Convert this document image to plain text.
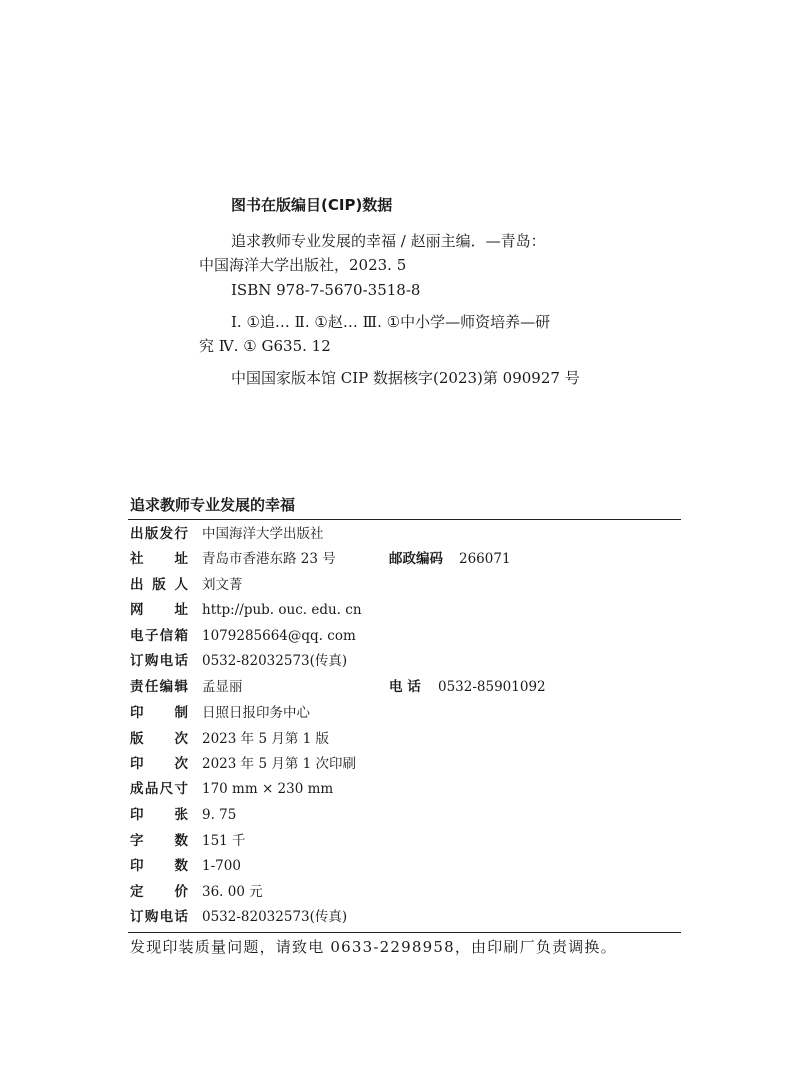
图书在版编目(CIP)数据
追求教师专业发展的幸福 / 赵丽主编．—青岛：
中国海洋大学出版社，2023. 5
ISBN 978-7-5670-3518-8
Ⅰ. ①追… Ⅱ. ①赵… Ⅲ. ①中小学—师资培养—研
究 Ⅳ. ① G635. 12
中国国家版本馆 CIP 数据核字(2023)第 090927 号
追求教师专业发展的幸福
出 版 发 行 中国海洋大学出版社
社 址 青岛市香港东路 23 号	邮政编码 266071
出 版 人 刘文菁
网 址 http://pub. ouc. edu. cn
电 子 信 箱 1079285664@qq. com
订 购 电 话 0532-82032573(传真)
责 任 编 辑 孟显丽	电 话 0532-85901092
印 制 日照日报印务中心
版 次 2023 年 5 月第 1 版
印 次 2023 年 5 月第 1 次印刷
成 品 尺 寸 170 mm × 230 mm
印 张 9. 75
字 数 151 千
印 数 1-700
定 价 36. 00 元
订 购 电 话 0532-82032573(传真)
发现印装质量问题，请致电 0633-2298958，由印刷厂负责调换。
